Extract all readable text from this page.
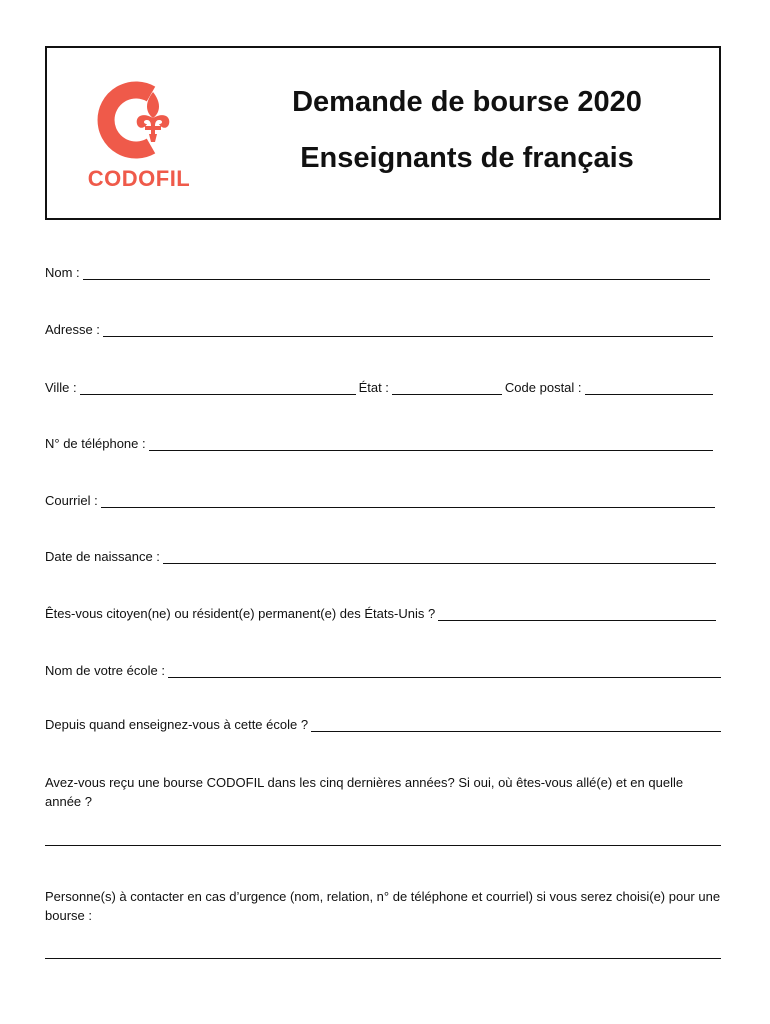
CODOFIL
Demande de bourse 2020
Enseignants de français
Nom :
Adresse :
Ville :	État :	Code postal :
N° de téléphone :
Courriel :
Date de naissance :
Êtes-vous citoyen(ne) ou résident(e) permanent(e) des États-Unis ?
Nom de votre école :
Depuis quand enseignez-vous à cette école ?
Avez-vous reçu une bourse CODOFIL dans les cinq dernières années? Si oui, où êtes-vous allé(e) et en quelle année ?
Personne(s) à contacter en cas d’urgence (nom, relation, n° de téléphone et courriel) si vous serez choisi(e) pour une bourse :
